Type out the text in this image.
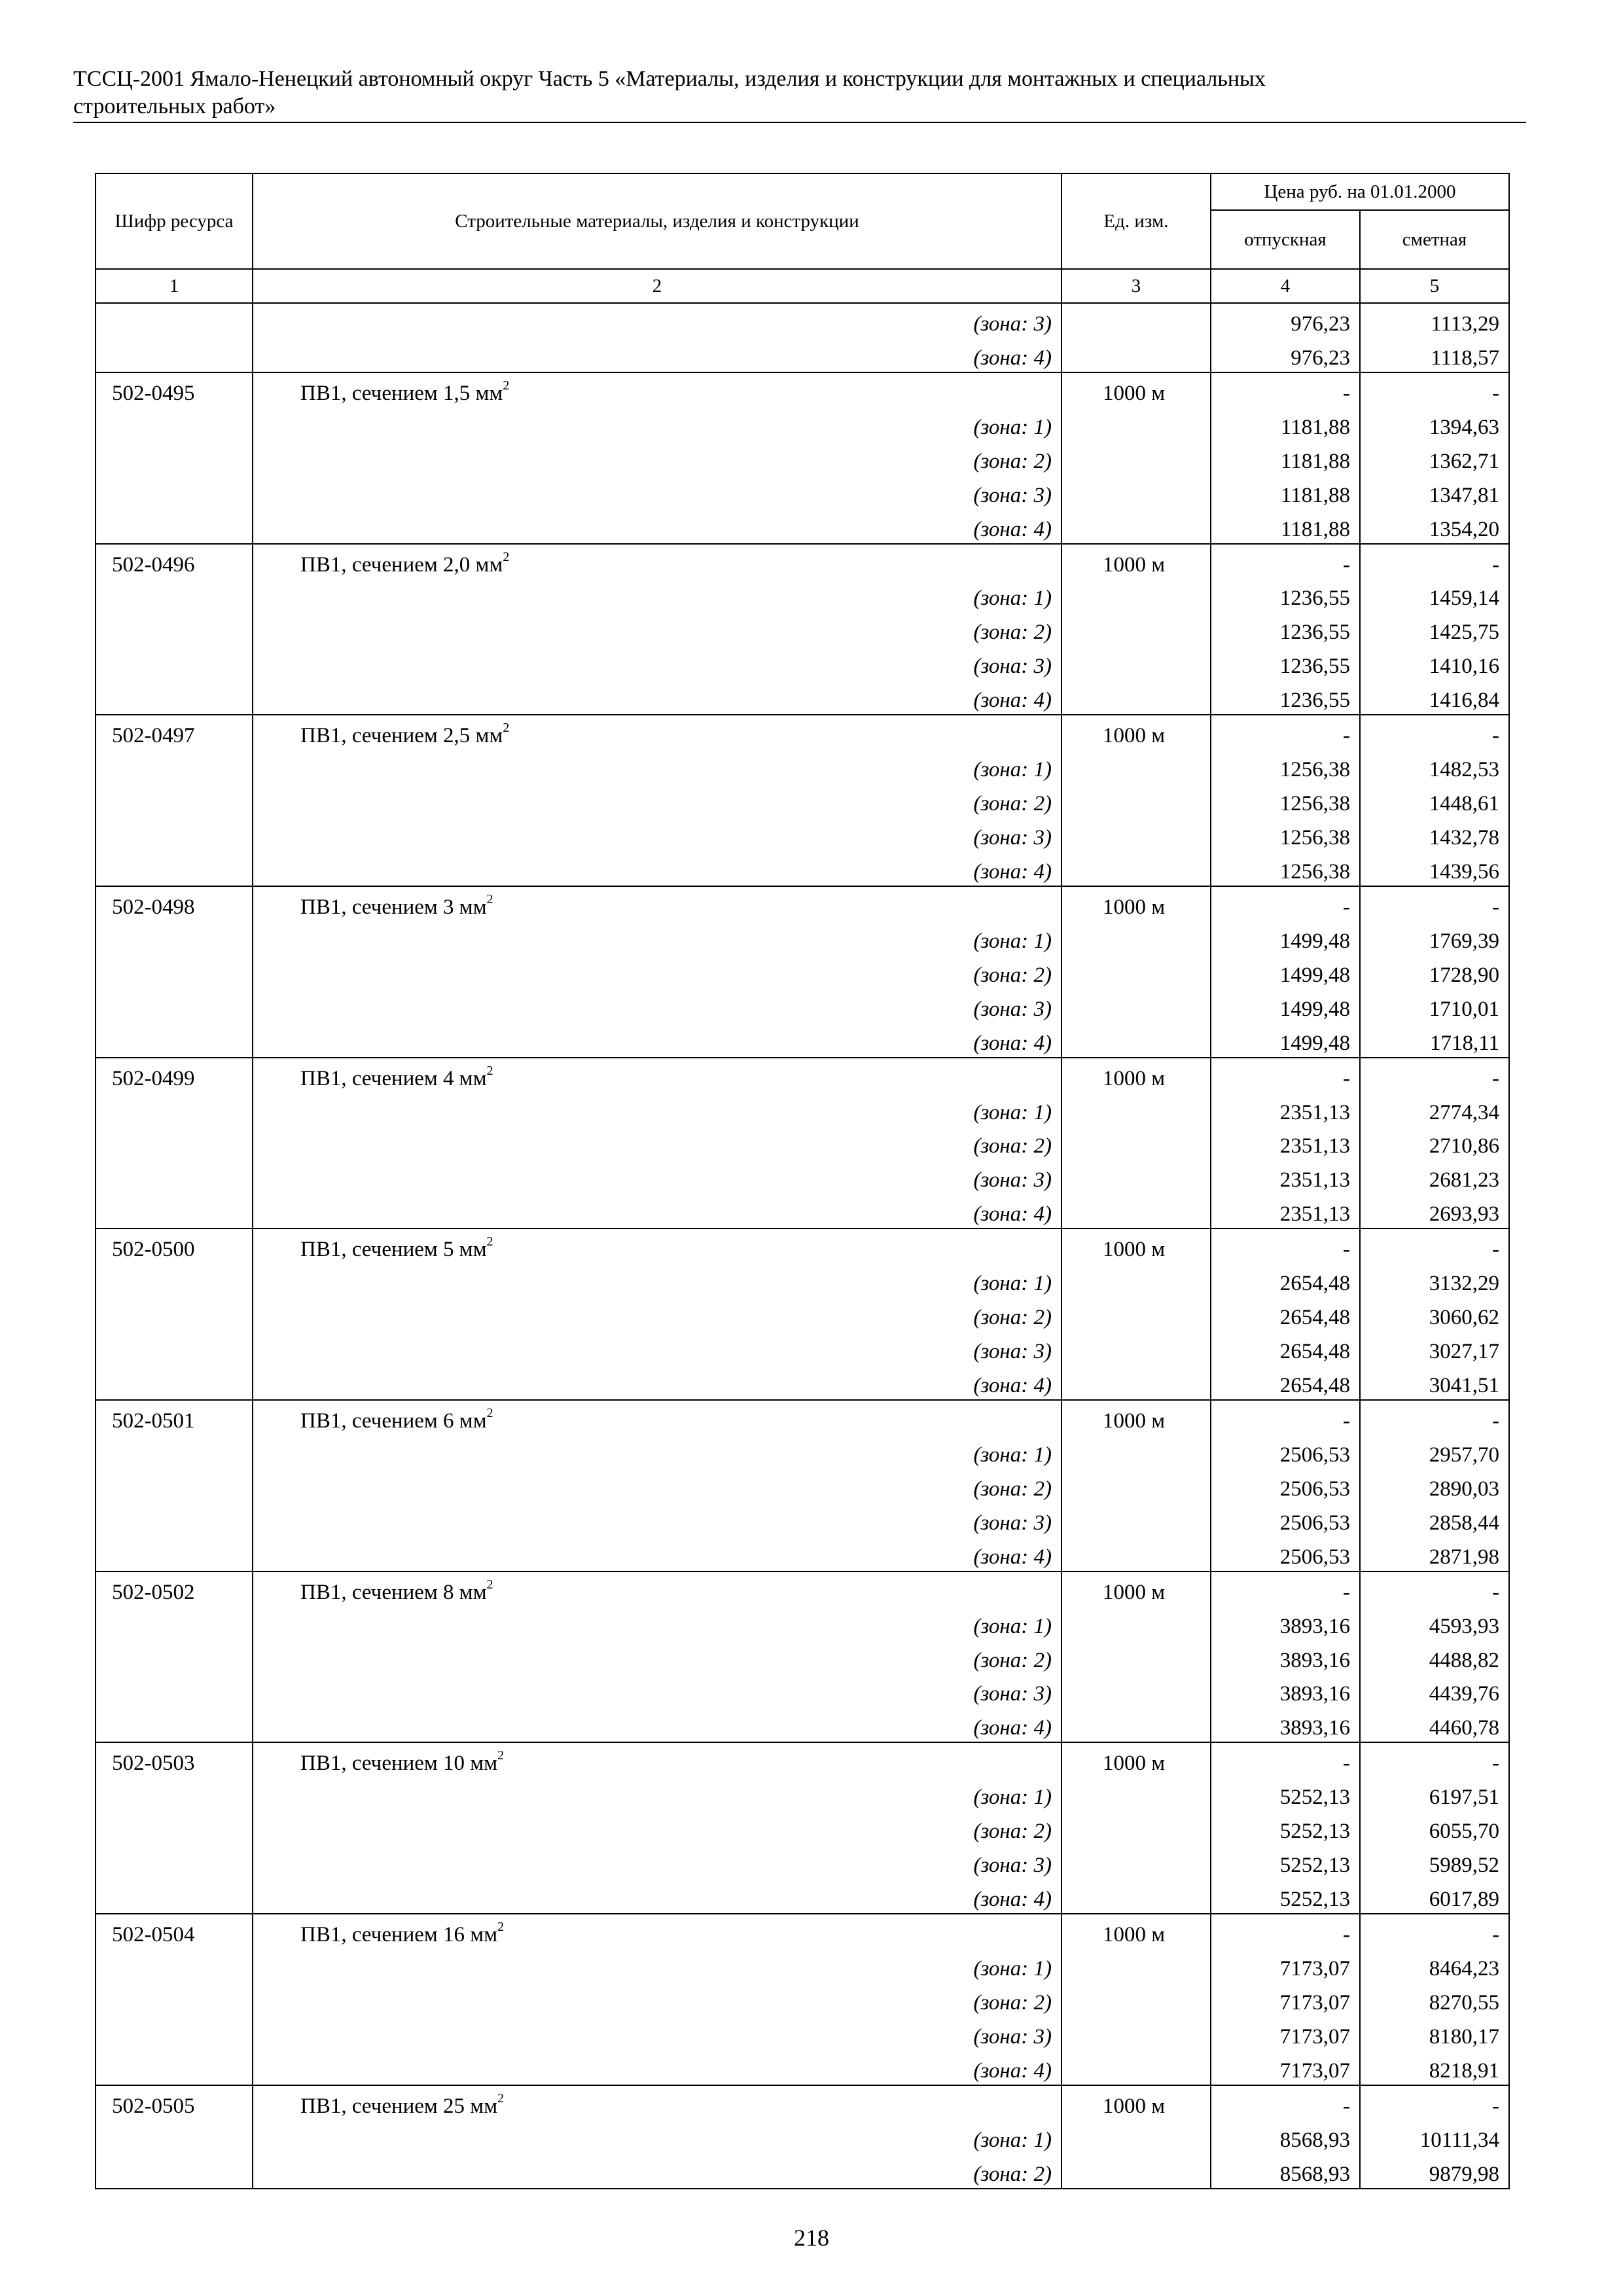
ТССЦ-2001 Ямало-Ненецкий автономный округ Часть 5 «Материалы, изделия и конструкции для монтажных и специальных
строительных работ»
Шифр ресурса	Строительные материалы, изделия и конструкции	Ед. изм.	Цена руб. на 01.01.2000	
			отпускная	сметная
1	2	3	4	5
	(зона: 3)		976,23	1113,29
	(зона: 4)		976,23	1118,57
502-0495	ПВ1, сечением 1,5 $мм^2$	1000 м	-	-
	(зона: 1)		1181,88	1394,63
	(зона: 2)		1181,88	1362,71
	(зона: 3)		1181,88	1347,81
	(зона: 4)		1181,88	1354,20
502-0496	ПВ1, сечением 2,0 $мм^2$	1000 м	-	-
	(зона: 1)		1236,55	1459,14
	(зона: 2)		1236,55	1425,75
	(зона: 3)		1236,55	1410,16
	(зона: 4)		1236,55	1416,84
502-0497	ПВ1, сечением 2,5 $мм^2$	1000 м	-	-
	(зона: 1)		1256,38	1482,53
	(зона: 2)		1256,38	1448,61
	(зона: 3)		1256,38	1432,78
	(зона: 4)		1256,38	1439,56
502-0498	ПВ1, сечением 3 $мм^2$	1000 м	-	-
	(зона: 1)		1499,48	1769,39
	(зона: 2)		1499,48	1728,90
	(зона: 3)		1499,48	1710,01
	(зона: 4)		1499,48	1718,11
502-0499	ПВ1, сечением 4 $мм^2$	1000 м	-	-
	(зона: 1)		2351,13	2774,34
	(зона: 2)		2351,13	2710,86
	(зона: 3)		2351,13	2681,23
	(зона: 4)		2351,13	2693,93
502-0500	ПВ1, сечением 5 $мм^2$	1000 м	-	-
	(зона: 1)		2654,48	3132,29
	(зона: 2)		2654,48	3060,62
	(зона: 3)		2654,48	3027,17
	(зона: 4)		2654,48	3041,51
502-0501	ПВ1, сечением 6 $мм^2$	1000 м	-	-
	(зона: 1)		2506,53	2957,70
	(зона: 2)		2506,53	2890,03
	(зона: 3)		2506,53	2858,44
	(зона: 4)		2506,53	2871,98
502-0502	ПВ1, сечением 8 $мм^2$	1000 м	-	-
	(зона: 1)		3893,16	4593,93
	(зона: 2)		3893,16	4488,82
	(зона: 3)		3893,16	4439,76
	(зона: 4)		3893,16	4460,78
502-0503	ПВ1, сечением 10 $мм^2$	1000 м	-	-
	(зона: 1)		5252,13	6197,51
	(зона: 2)		5252,13	6055,70
	(зона: 3)		5252,13	5989,52
	(зона: 4)		5252,13	6017,89
502-0504	ПВ1, сечением 16 $мм^2$	1000 м	-	-
	(зона: 1)		7173,07	8464,23
	(зона: 2)		7173,07	8270,55
	(зона: 3)		7173,07	8180,17
	(зона: 4)		7173,07	8218,91
502-0505	ПВ1, сечением 25 $мм^2$	1000 м	-	-
	(зона: 1)		8568,93	10111,34
	(зона: 2)		8568,93	9879,98
218
